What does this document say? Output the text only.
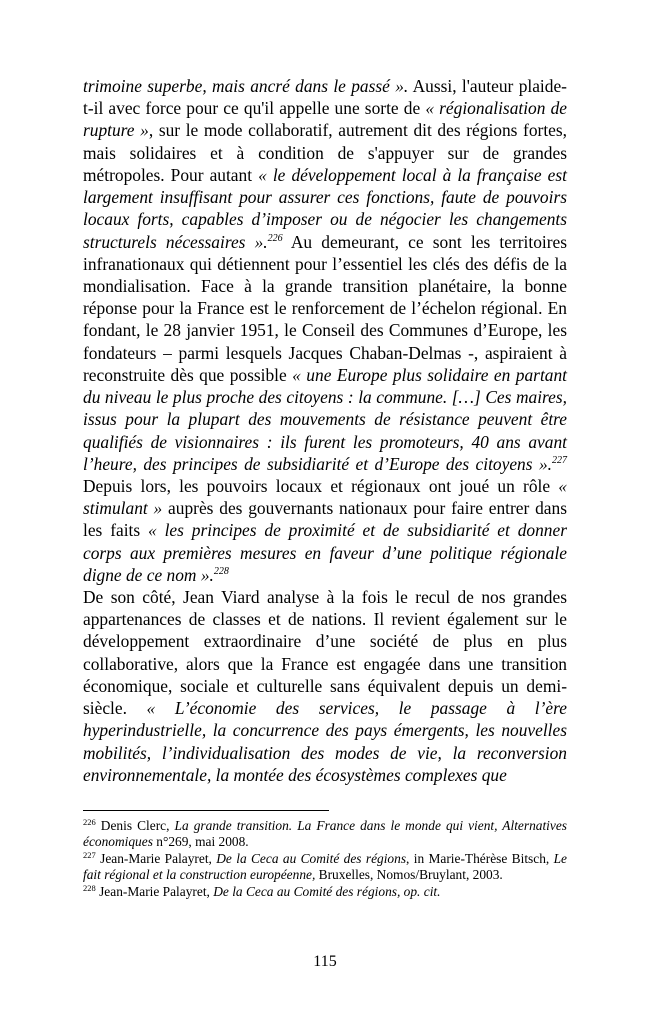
trimoine superbe, mais ancré dans le passé ». Aussi, l'auteur plaide-t-il avec force pour ce qu'il appelle une sorte de « régionalisation de rupture », sur le mode collaboratif, autrement dit des régions fortes, mais solidaires et à condition de s'appuyer sur de grandes métropoles. Pour autant « le développement local à la française est largement insuffisant pour assurer ces fonctions, faute de pouvoirs locaux forts, capables d’imposer ou de négocier les changements structurels nécessaires ».$^{226}$ Au demeurant, ce sont les territoires infranationaux qui détiennent pour l’essentiel les clés des défis de la mondialisation. Face à la grande transition planétaire, la bonne réponse pour la France est le renforcement de l’échelon régional. En fondant, le 28 janvier 1951, le Conseil des Communes d’Europe, les fondateurs – parmi lesquels Jacques Chaban-Delmas -, aspiraient à reconstruite dès que possible « une Europe plus solidaire en partant du niveau le plus proche des citoyens : la commune. […] Ces maires, issus pour la plupart des mouvements de résistance peuvent être qualifiés de visionnaires : ils furent les promoteurs, 40 ans avant l’heure, des principes de subsidiarité et d’Europe des citoyens ».$^{227}$ Depuis lors, les pouvoirs locaux et régionaux ont joué un rôle « stimulant » auprès des gouvernants nationaux pour faire entrer dans les faits « les principes de proximité et de subsidiarité et donner corps aux premières mesures en faveur d’une politique régionale digne de ce nom ».$^{228}$

De son côté, Jean Viard analyse à la fois le recul de nos grandes appartenances de classes et de nations. Il revient également sur le développement extraordinaire d’une société de plus en plus collaborative, alors que la France est engagée dans une transition économique, sociale et culturelle sans équivalent depuis un demi-siècle. « L’économie des services, le passage à l’ère hyperindustrielle, la concurrence des pays émergents, les nouvelles mobilités, l’individualisation des modes de vie, la reconversion environnementale, la montée des écosystèmes complexes que

$^{226}$ Denis Clerc, La grande transition. La France dans le monde qui vient, Alternatives économiques n°269, mai 2008.

$^{227}$ Jean-Marie Palayret, De la Ceca au Comité des régions, in Marie-Thérèse Bitsch, Le fait régional et la construction européenne, Bruxelles, Nomos/Bruylant, 2003.

$^{228}$ Jean-Marie Palayret, De la Ceca au Comité des régions, op. cit.

115
